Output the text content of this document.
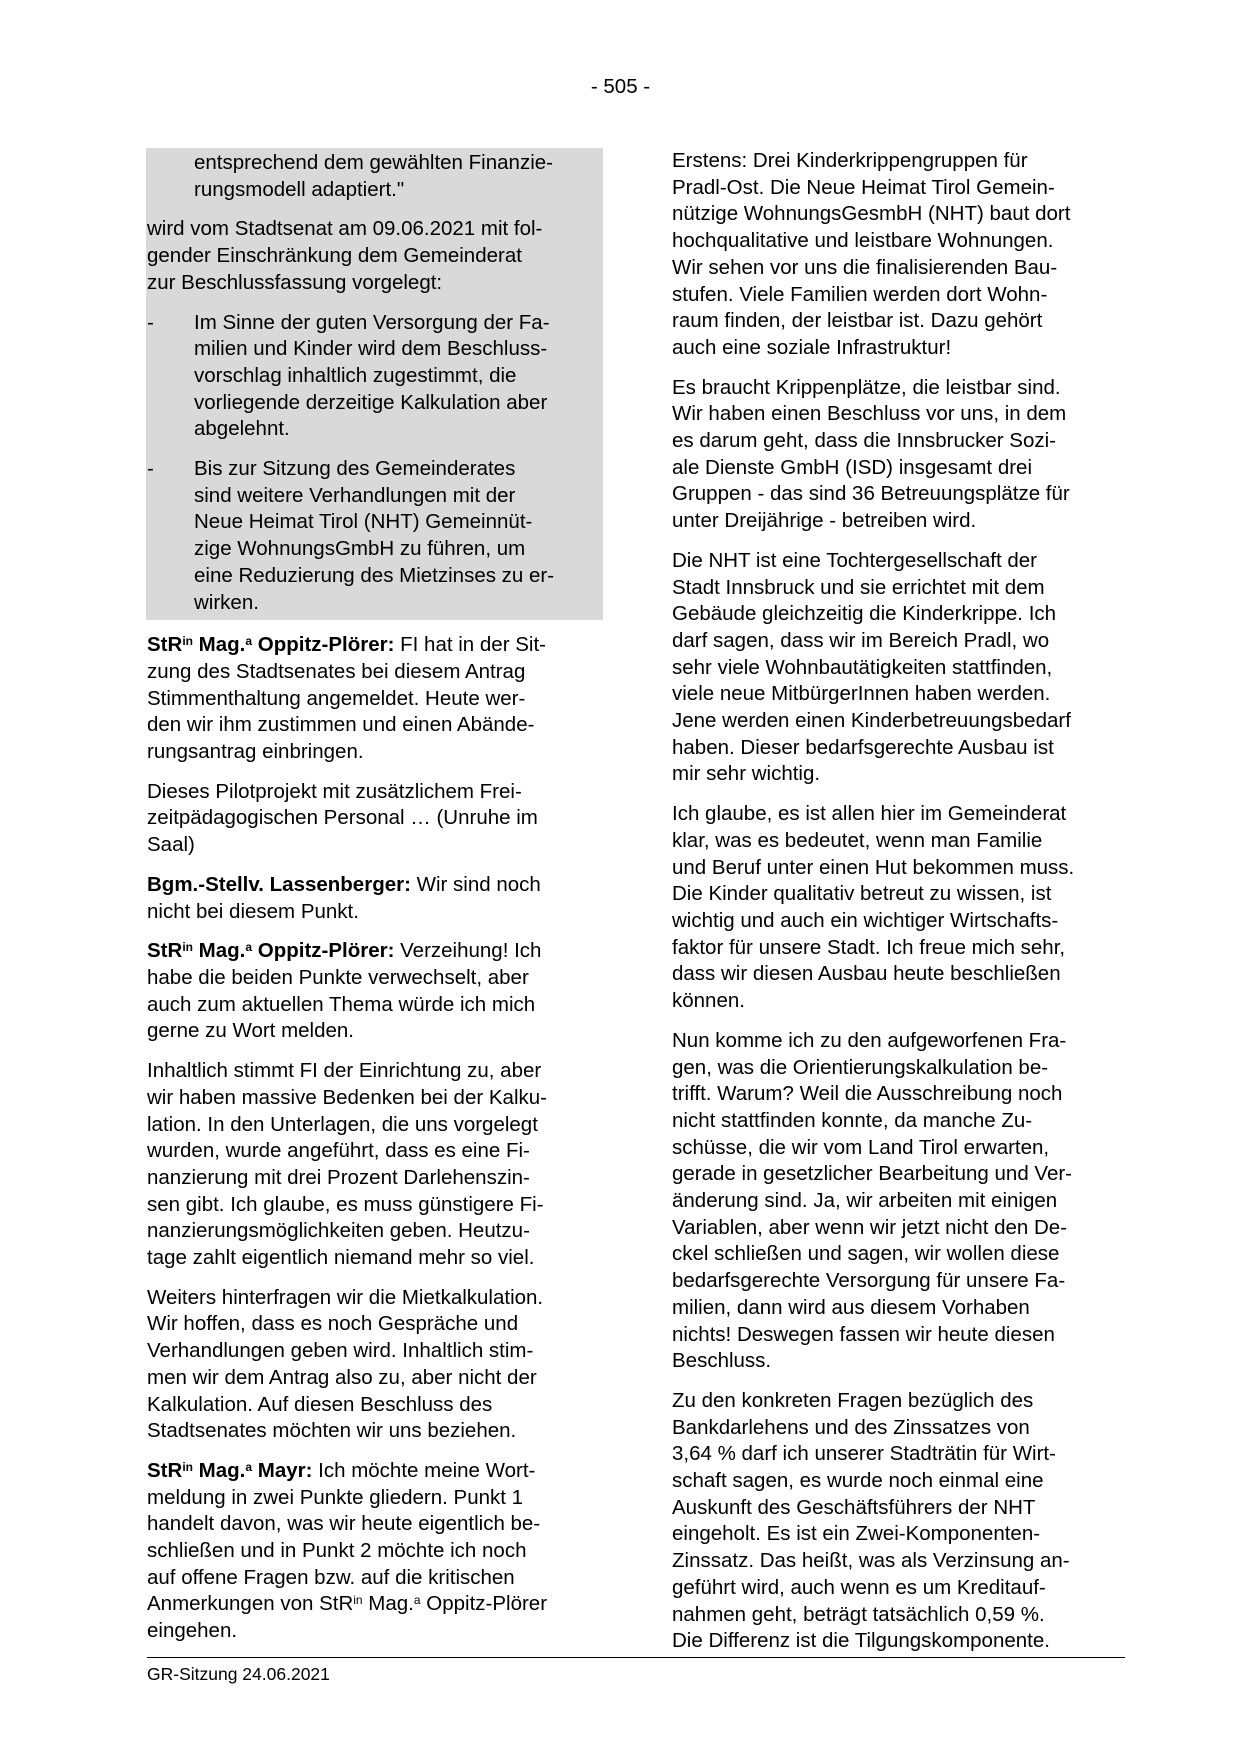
- 505 -
entsprechend dem gewählten Finanzie-
rungsmodell adaptiert."
wird vom Stadtsenat am 09.06.2021 mit fol-
gender Einschränkung dem Gemeinderat
zur Beschlussfassung vorgelegt:
- Im Sinne der guten Versorgung der Fa-
milien und Kinder wird dem Beschluss-
vorschlag inhaltlich zugestimmt, die
vorliegende derzeitige Kalkulation aber
abgelehnt.
- Bis zur Sitzung des Gemeinderates
sind weitere Verhandlungen mit der
Neue Heimat Tirol (NHT) Gemeinnüt-
zige WohnungsGmbH zu führen, um
eine Reduzierung des Mietzinses zu er-
wirken.
StR$^{in}$ Mag.$^a$ Oppitz-Plörer: FI hat in der Sit-
zung des Stadtsenates bei diesem Antrag
Stimmenthaltung angemeldet. Heute wer-
den wir ihm zustimmen und einen Abände-
rungsantrag einbringen.
Dieses Pilotprojekt mit zusätzlichem Frei-
zeitpädagogischen Personal … (Unruhe im
Saal)
Bgm.-Stellv. Lassenberger: Wir sind noch
nicht bei diesem Punkt.
StR$^{in}$ Mag.$^a$ Oppitz-Plörer: Verzeihung! Ich
habe die beiden Punkte verwechselt, aber
auch zum aktuellen Thema würde ich mich
gerne zu Wort melden.
Inhaltlich stimmt FI der Einrichtung zu, aber
wir haben massive Bedenken bei der Kalku-
lation. In den Unterlagen, die uns vorgelegt
wurden, wurde angeführt, dass es eine Fi-
nanzierung mit drei Prozent Darlehenszin-
sen gibt. Ich glaube, es muss günstigere Fi-
nanzierungsmöglichkeiten geben. Heutzu-
tage zahlt eigentlich niemand mehr so viel.
Weiters hinterfragen wir die Mietkalkulation.
Wir hoffen, dass es noch Gespräche und
Verhandlungen geben wird. Inhaltlich stim-
men wir dem Antrag also zu, aber nicht der
Kalkulation. Auf diesen Beschluss des
Stadtsenates möchten wir uns beziehen.
StR$^{in}$ Mag.$^a$ Mayr: Ich möchte meine Wort-
meldung in zwei Punkte gliedern. Punkt 1
handelt davon, was wir heute eigentlich be-
schließen und in Punkt 2 möchte ich noch
auf offene Fragen bzw. auf die kritischen
Anmerkungen von StR$^{in}$ Mag.$^a$ Oppitz-Plörer
eingehen.
Erstens: Drei Kinderkrippengruppen für
Pradl-Ost. Die Neue Heimat Tirol Gemein-
nützige WohnungsGesmbH (NHT) baut dort
hochqualitative und leistbare Wohnungen.
Wir sehen vor uns die finalisierenden Bau-
stufen. Viele Familien werden dort Wohn-
raum finden, der leistbar ist. Dazu gehört
auch eine soziale Infrastruktur!
Es braucht Krippenplätze, die leistbar sind.
Wir haben einen Beschluss vor uns, in dem
es darum geht, dass die Innsbrucker Sozi-
ale Dienste GmbH (ISD) insgesamt drei
Gruppen - das sind 36 Betreuungsplätze für
unter Dreijährige - betreiben wird.
Die NHT ist eine Tochtergesellschaft der
Stadt Innsbruck und sie errichtet mit dem
Gebäude gleichzeitig die Kinderkrippe. Ich
darf sagen, dass wir im Bereich Pradl, wo
sehr viele Wohnbautätigkeiten stattfinden,
viele neue MitbürgerInnen haben werden.
Jene werden einen Kinderbetreuungsbedarf
haben. Dieser bedarfsgerechte Ausbau ist
mir sehr wichtig.
Ich glaube, es ist allen hier im Gemeinderat
klar, was es bedeutet, wenn man Familie
und Beruf unter einen Hut bekommen muss.
Die Kinder qualitativ betreut zu wissen, ist
wichtig und auch ein wichtiger Wirtschafts-
faktor für unsere Stadt. Ich freue mich sehr,
dass wir diesen Ausbau heute beschließen
können.
Nun komme ich zu den aufgeworfenen Fra-
gen, was die Orientierungskalkulation be-
trifft. Warum? Weil die Ausschreibung noch
nicht stattfinden konnte, da manche Zu-
schüsse, die wir vom Land Tirol erwarten,
gerade in gesetzlicher Bearbeitung und Ver-
änderung sind. Ja, wir arbeiten mit einigen
Variablen, aber wenn wir jetzt nicht den De-
ckel schließen und sagen, wir wollen diese
bedarfsgerechte Versorgung für unsere Fa-
milien, dann wird aus diesem Vorhaben
nichts! Deswegen fassen wir heute diesen
Beschluss.
Zu den konkreten Fragen bezüglich des
Bankdarlehens und des Zinssatzes von
3,64 % darf ich unserer Stadträtin für Wirt-
schaft sagen, es wurde noch einmal eine
Auskunft des Geschäftsführers der NHT
eingeholt. Es ist ein Zwei-Komponenten-
Zinssatz. Das heißt, was als Verzinsung an-
geführt wird, auch wenn es um Kreditauf-
nahmen geht, beträgt tatsächlich 0,59 %.
Die Differenz ist die Tilgungskomponente.
GR-Sitzung 24.06.2021
